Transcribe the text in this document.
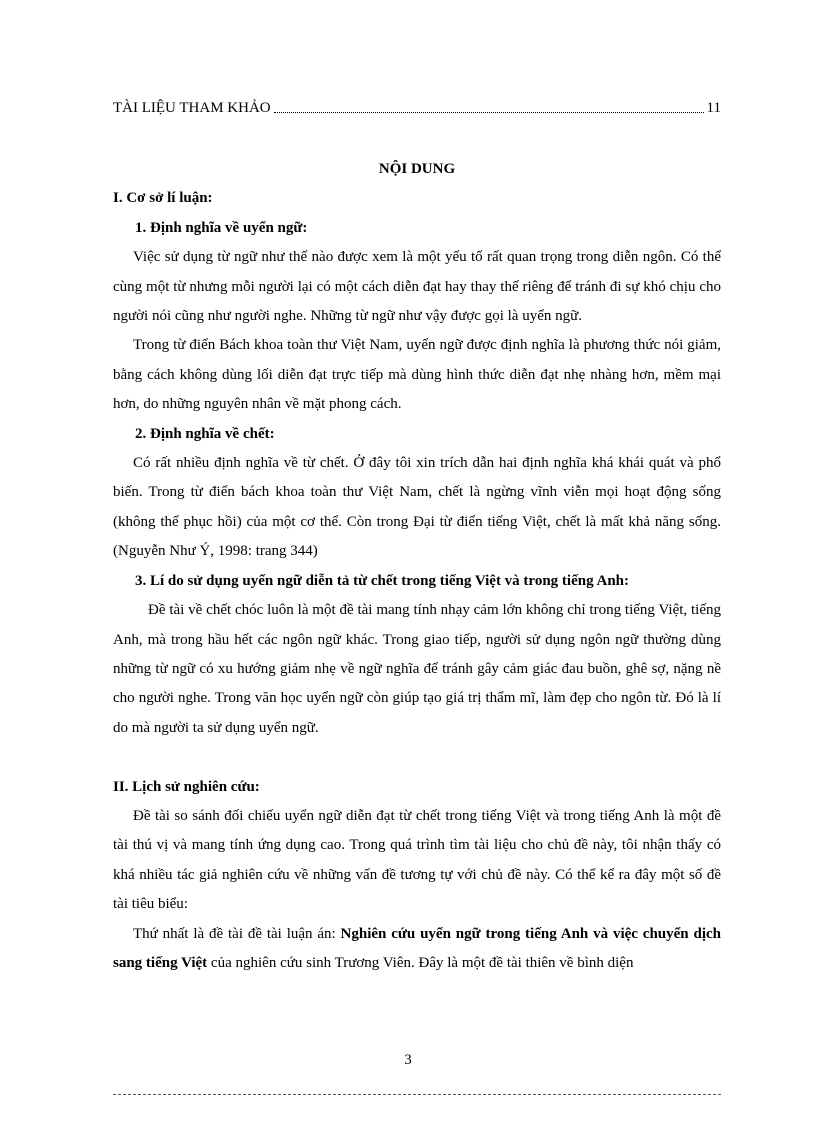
TÀI LIỆU THAM KHẢO	11
NỘI DUNG
I. Cơ sở lí luận:
1. Định nghĩa về uyển ngữ:

Việc sử dụng từ ngữ như thế nào được xem là một yếu tố rất quan trọng trong diễn ngôn. Có thể cùng một từ nhưng mỗi người lại có một cách diễn đạt hay thay thế riêng để tránh đi sự khó chịu cho người nói cũng như người nghe. Những từ ngữ như vậy được gọi là uyển ngữ.

Trong từ điển Bách khoa toàn thư Việt Nam, uyển ngữ được định nghĩa là phương thức nói giảm, bằng cách không dùng lối diễn đạt trực tiếp mà dùng hình thức diễn đạt nhẹ nhàng hơn, mềm mại hơn, do những nguyên nhân về mặt phong cách.

2. Định nghĩa về chết:

Có rất nhiều định nghĩa về từ chết. Ở đây tôi xin trích dẫn hai định nghĩa khá khái quát và phổ biến. Trong từ điển bách khoa toàn thư Việt Nam, chết là ngừng vĩnh viễn mọi hoạt động sống (không thể phục hồi) của một cơ thể. Còn trong Đại từ điển tiếng Việt, chết là mất khả năng sống. (Nguyễn Như Ý, 1998: trang 344)

3. Lí do sử dụng uyển ngữ diễn tả từ chết trong tiếng Việt và trong tiếng Anh:

Đề tài về chết chóc luôn là một đề tài mang tính nhạy cảm lớn không chỉ trong tiếng Việt, tiếng Anh, mà trong hầu hết các ngôn ngữ khác. Trong giao tiếp, người sử dụng ngôn ngữ thường dùng những từ ngữ có xu hướng giảm nhẹ về ngữ nghĩa để tránh gây cảm giác đau buồn, ghê sợ, nặng nề cho người nghe. Trong văn học uyển ngữ còn giúp tạo giá trị thẩm mĩ, làm đẹp cho ngôn từ. Đó là lí do mà người ta sử dụng uyển ngữ.

II. Lịch sử nghiên cứu:

Đề tài so sánh đối chiếu uyển ngữ diễn đạt từ chết trong tiếng Việt và trong tiếng Anh là một đề tài thú vị và mang tính ứng dụng cao. Trong quá trình tìm tài liệu cho chủ đề này, tôi nhận thấy có khá nhiều tác giả nghiên cứu về những vấn đề tương tự với chủ đề này. Có thể kể ra đây một số đề tài tiêu biểu:

Thứ nhất là đề tài đề tài luận án: Nghiên cứu uyển ngữ trong tiếng Anh và việc chuyển dịch sang tiếng Việt của nghiên cứu sinh Trương Viên. Đây là một đề tài thiên về bình diện

3
